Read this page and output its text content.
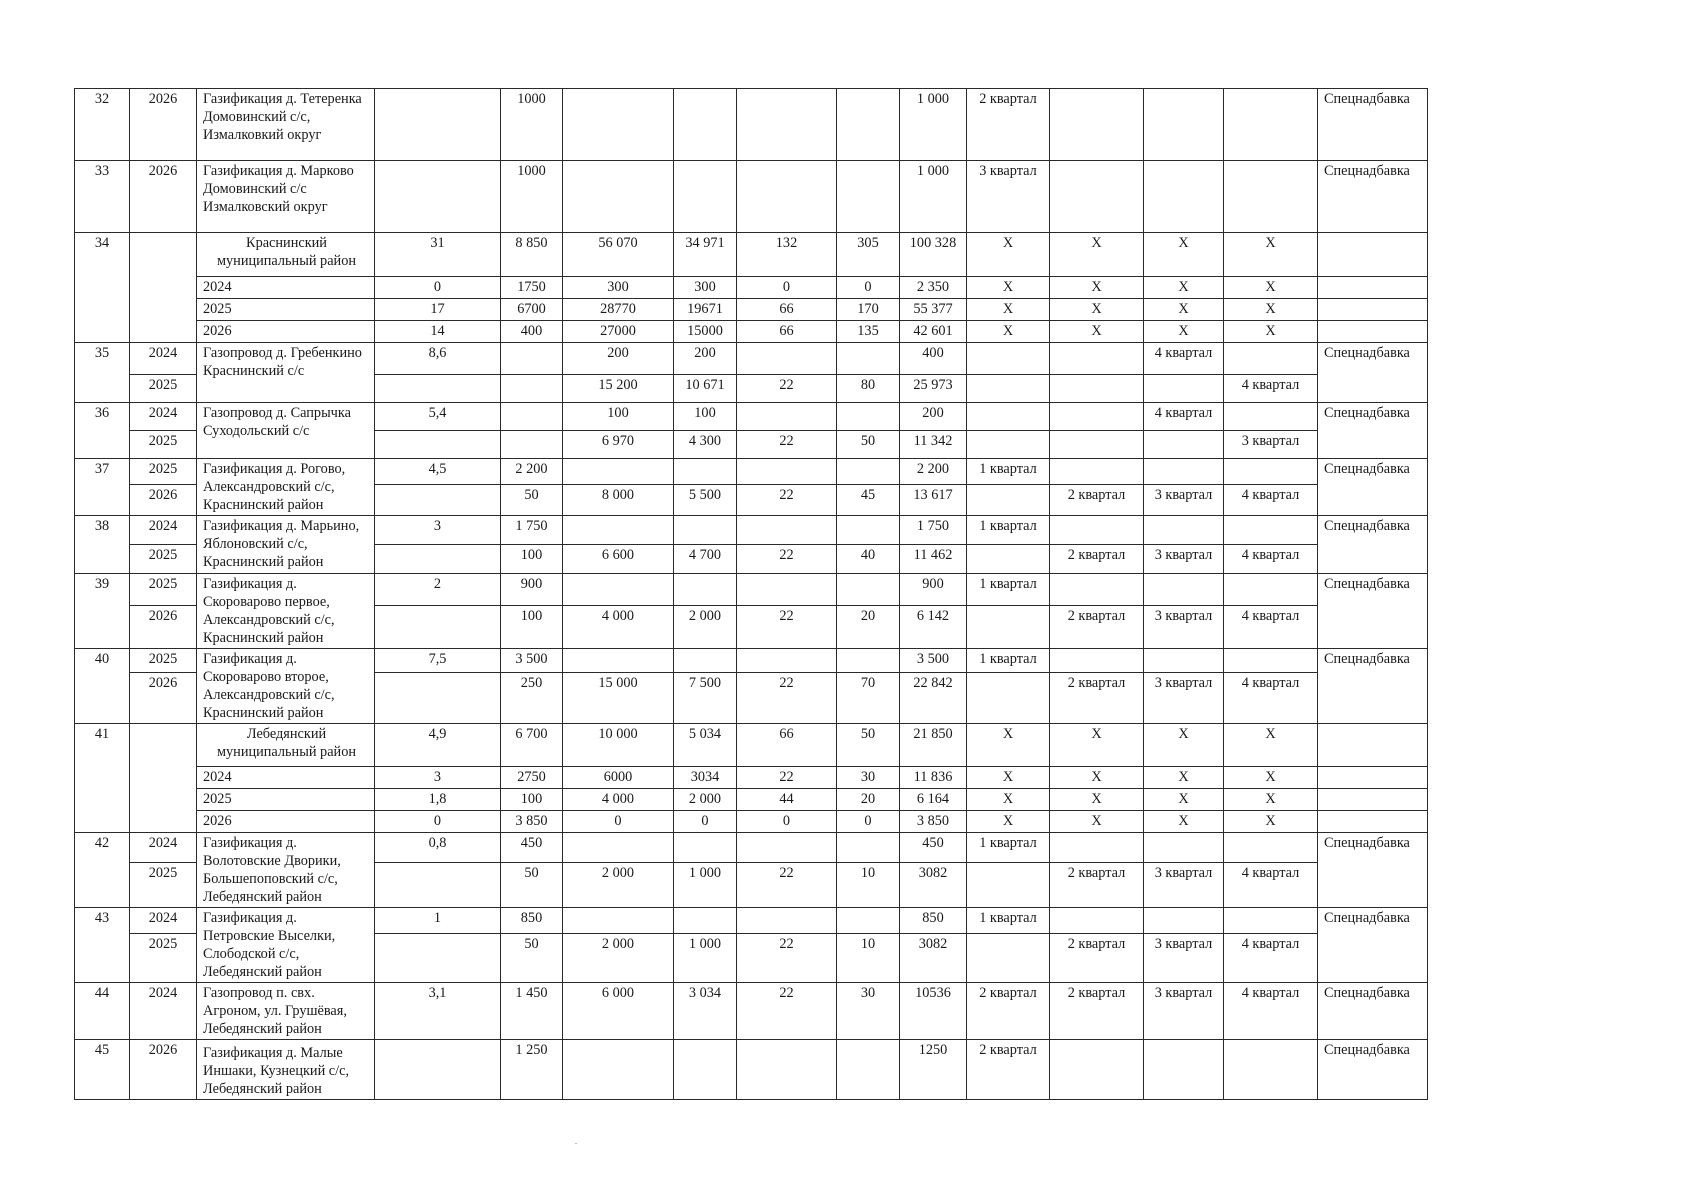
32	2026	Газификация д. Тетеренка Домовинский с/с, Измалковкий округ		1000					1 000	2 квартал				Спецнадбавка
33	2026	Газификация д. Марково Домовинский с/с Измалковский округ		1000					1 000	3 квартал				Спецнадбавка
34		Краснинский муниципальный район	31	8 850	56 070	34 971	132	305	100 328	X	X	X	X	
		2024	0	1750	300	300	0	0	2 350	X	X	X	X	
		2025	17	6700	28770	19671	66	170	55 377	X	X	X	X	
		2026	14	400	27000	15000	66	135	42 601	X	X	X	X	
35	2024	Газопровод д. Гребенкино Краснинский с/с	8,6		200	200			400			4 квартал		Спецнадбавка
	2025				15 200	10 671	22	80	25 973				4 квартал	
36	2024	Газопровод д. Сапрычка Суходольский с/с	5,4		100	100			200			4 квартал		Спецнадбавка
	2025				6 970	4 300	22	50	11 342				3 квартал	
37	2025	Газификация д. Рогово, Александровский с/с, Краснинский район	4,5	2 200					2 200	1 квартал				Спецнадбавка
	2026			50	8 000	5 500	22	45	13 617		2 квартал	3 квартал	4 квартал	
38	2024	Газификация д. Марьино, Яблоновский с/с, Краснинский район	3	1 750					1 750	1 квартал				Спецнадбавка
	2025			100	6 600	4 700	22	40	11 462		2 квартал	3 квартал	4 квартал	
39	2025	Газификация д. Скороварово первое, Александровский с/с, Краснинский район	2	900					900	1 квартал				Спецнадбавка
	2026			100	4 000	2 000	22	20	6 142		2 квартал	3 квартал	4 квартал	
40	2025	Газификация д. Скороварово второе, Александровский с/с, Краснинский район	7,5	3 500					3 500	1 квартал				Спецнадбавка
	2026			250	15 000	7 500	22	70	22 842		2 квартал	3 квартал	4 квартал	
41		Лебедянский муниципальный район	4,9	6 700	10 000	5 034	66	50	21 850	X	X	X	X	
		2024	3	2750	6000	3034	22	30	11 836	X	X	X	X	
		2025	1,8	100	4 000	2 000	44	20	6 164	X	X	X	X	
		2026	0	3 850	0	0	0	0	3 850	X	X	X	X	
42	2024	Газификация д. Волотовские Дворики, Большепоповский с/с, Лебедянский район	0,8	450					450	1 квартал				Спецнадбавка
	2025			50	2 000	1 000	22	10	3082		2 квартал	3 квартал	4 квартал	
43	2024	Газификация д. Петровские Выселки, Слободской с/с, Лебедянский район	1	850					850	1 квартал				Спецнадбавка
	2025			50	2 000	1 000	22	10	3082		2 квартал	3 квартал	4 квартал	
44	2024	Газопровод п. свх. Агроном, ул. Грушёвая, Лебедянский район	3,1	1 450	6 000	3 034	22	30	10536	2 квартал	2 квартал	3 квартал	4 квартал	Спецнадбавка
45	2026	Газификация д. Малые Иншаки, Кузнецкий с/с, Лебедянский район		1 250					1250	2 квартал				Спецнадбавка
